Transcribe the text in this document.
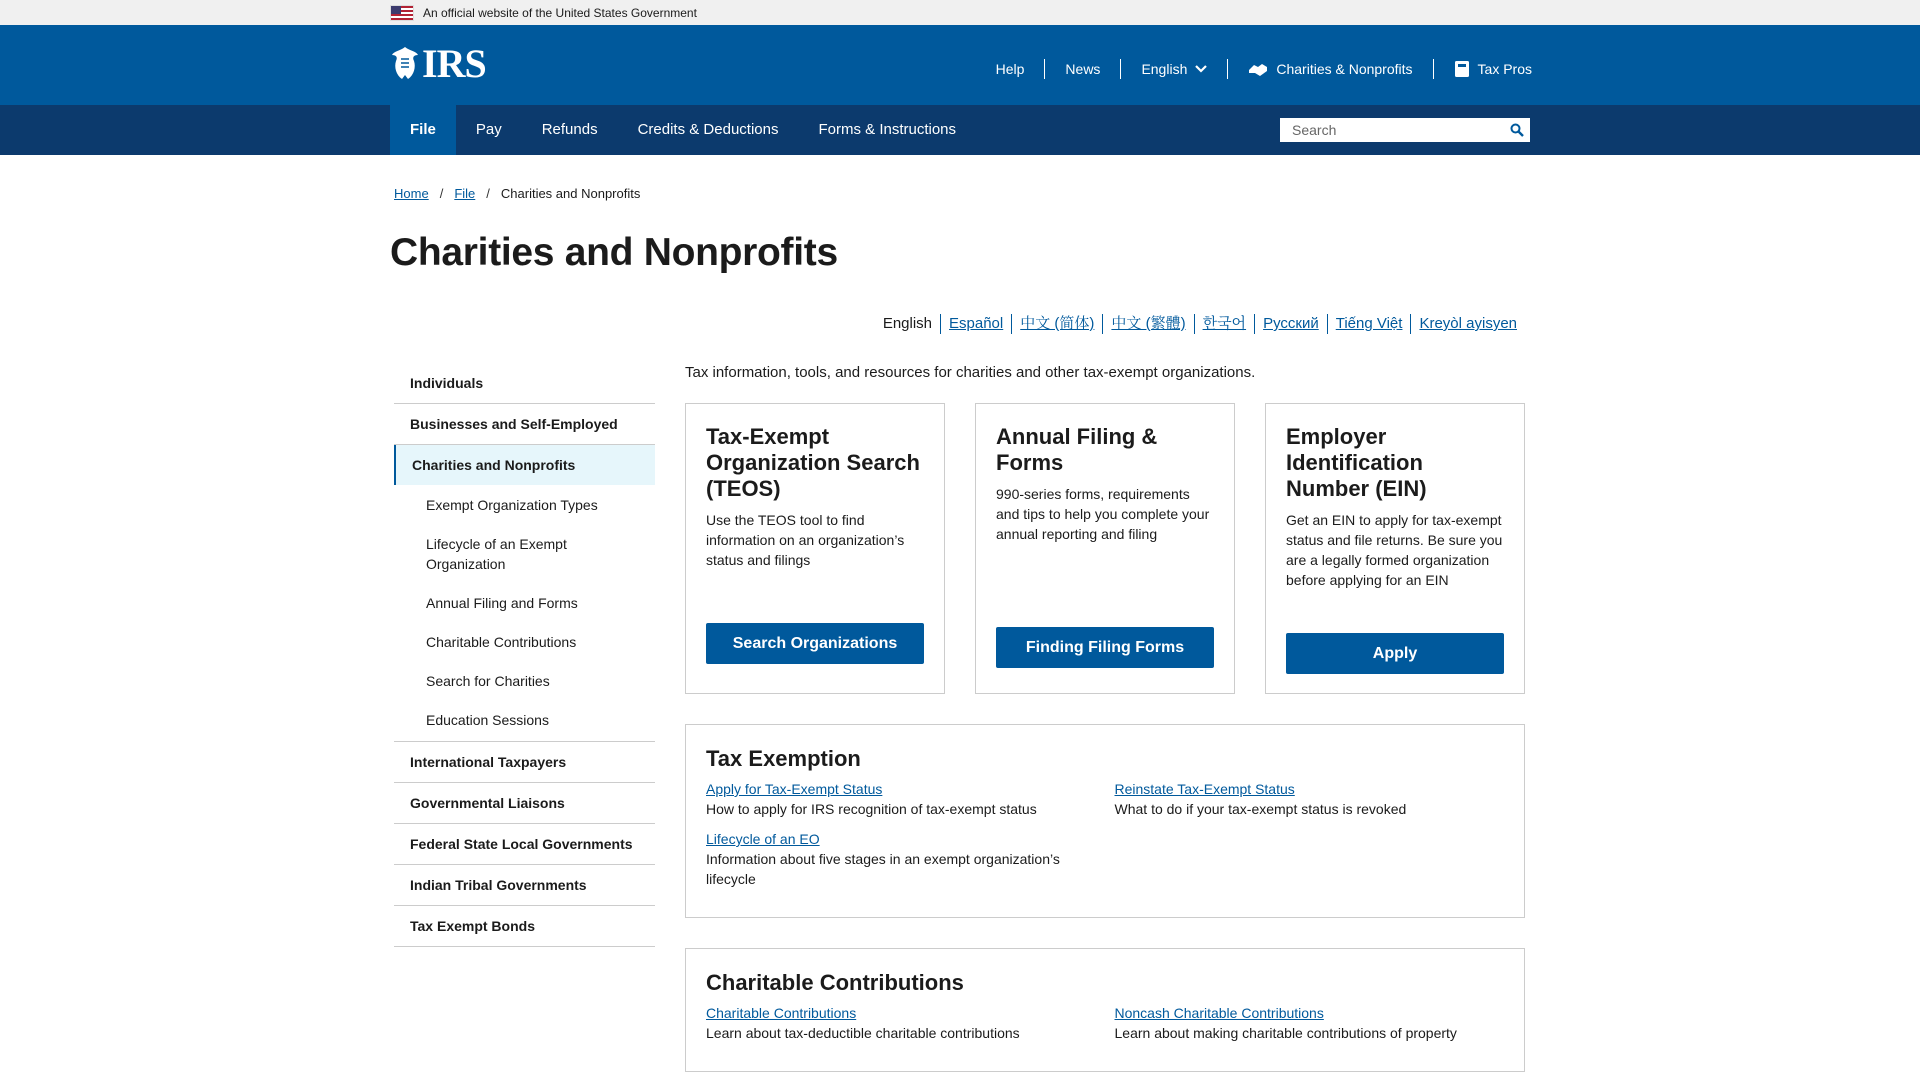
An official website of the United States Government
IRS	Help	News	English	Charities & Nonprofits	Tax Pros
File	Pay	Refunds	Credits & Deductions	Forms & Instructions
Search
Home / File / Charities and Nonprofits
Charities and Nonprofits
English	Español	中文 (简体)	中文 (繁體)	한국어	Русский	Tiếng Việt	Kreyòl ayisyen
Individuals
Businesses and Self-Employed
Charities and Nonprofits
Exempt Organization Types
Lifecycle of an Exempt Organization
Annual Filing and Forms
Charitable Contributions
Search for Charities
Education Sessions
International Taxpayers
Governmental Liaisons
Federal State Local Governments
Indian Tribal Governments
Tax Exempt Bonds

Tax information, tools, and resources for charities and other tax-exempt organizations.

Tax-Exempt Organization Search (TEOS)

Use the TEOS tool to find information on an organization’s status and filings

Search Organizations
Annual Filing & Forms

990-series forms, requirements and tips to help you complete your annual reporting and filing

Finding Filing Forms
Employer Identification Number (EIN)

Get an EIN to apply for tax-exempt status and file returns. Be sure you are a legally formed organization before applying for an EIN

Apply
Tax Exemption
Apply for Tax-Exempt Status
How to apply for IRS recognition of tax-exempt status
Reinstate Tax-Exempt Status
What to do if your tax-exempt status is revoked
Lifecycle of an EO
Information about five stages in an exempt organization’s lifecycle
Charitable Contributions
Charitable Contributions
Learn about tax-deductible charitable contributions
Noncash Charitable Contributions
Learn about making charitable contributions of property
